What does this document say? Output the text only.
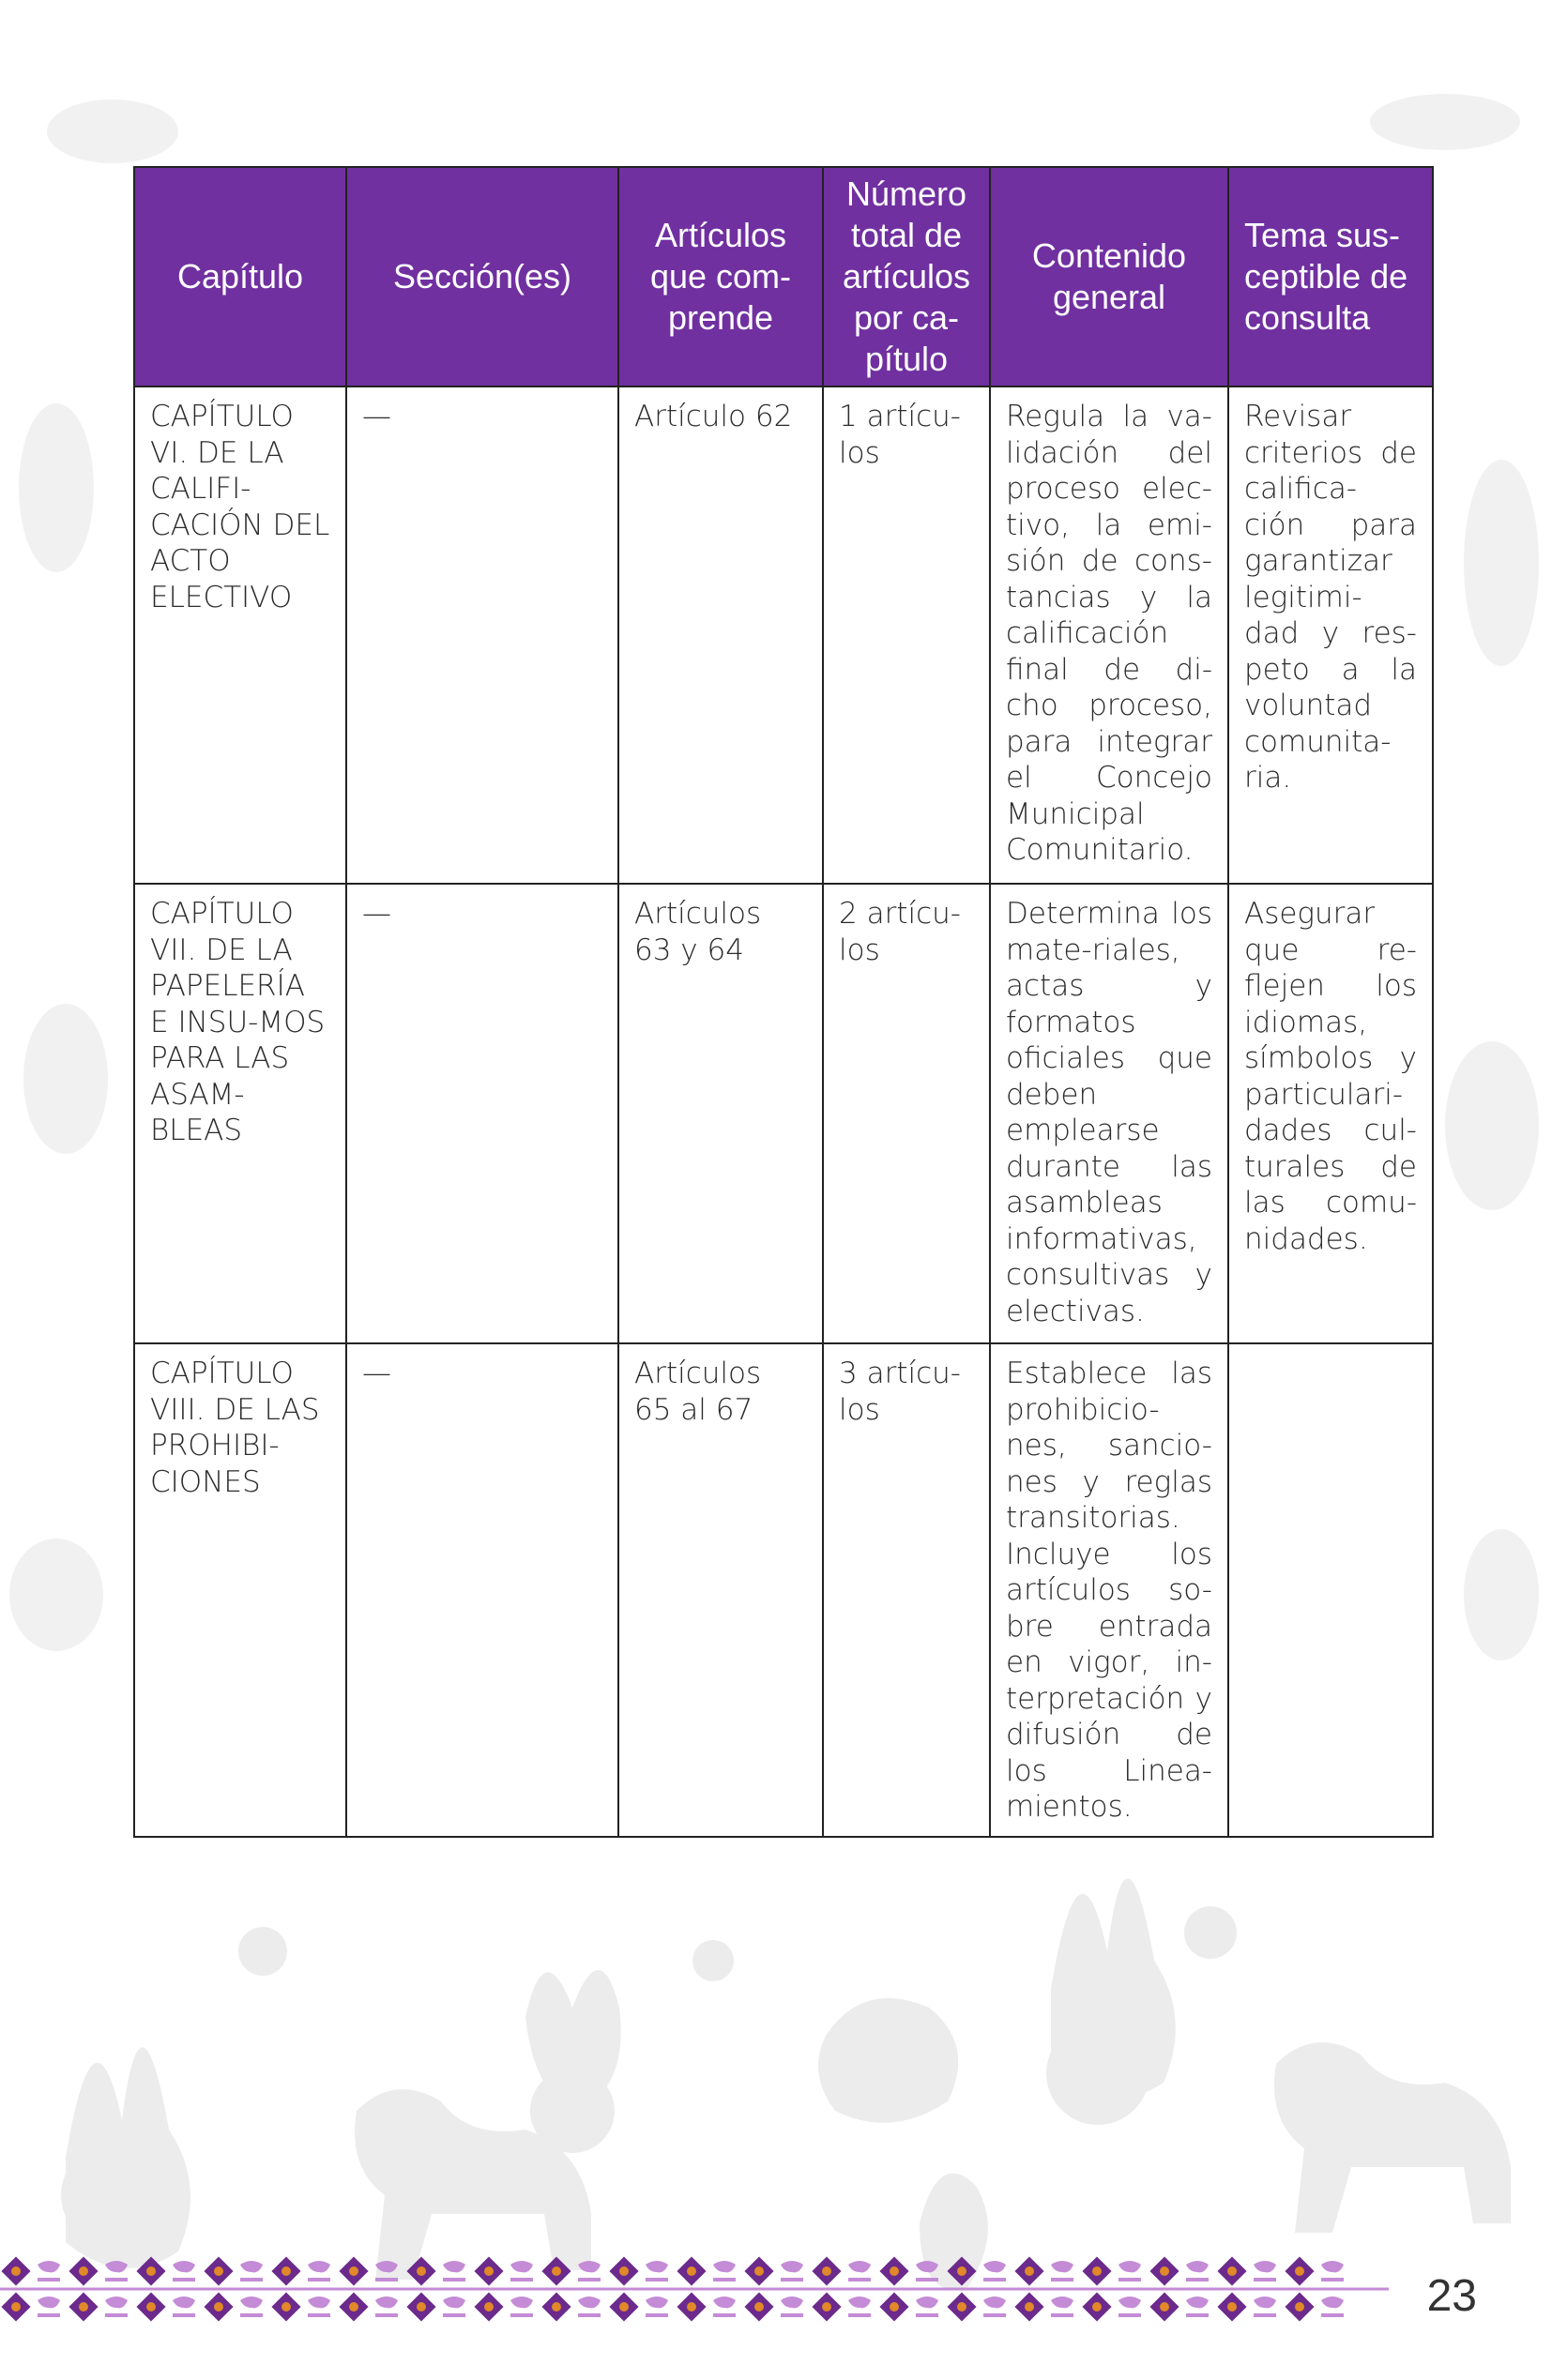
Capítulo	Sección(es)	Artículos que com-prende	Número total de artículos por ca-pítulo	Contenido general	Tema sus-ceptible de consulta
CAPÍTULO VI. DE LA CALIFI-CACIÓN DEL ACTO ELECTIVO	—	Artículo 62	1 artícu-los	Regula la va-lidación del proceso elec-tivo, la emi-sión de cons-tancias y la calificación final de di-cho proceso, para integrar el Concejo Municipal Comunitario.	Revisar criterios de califica-ción para garantizar legitimi-dad y res-peto a la voluntad comunita-ria.
CAPÍTULO VII. DE LA PAPELERÍA E INSU-MOS PARA LAS ASAM-BLEAS	—	Artículos 63 y 64	2 artícu-los	Determina los mate-riales, actas y formatos oficiales que deben emplearse durante las asambleas informativas, consultivas y electivas.	Asegurar que re-flejen los idiomas, símbolos y particulari-dades cul-turales de las comu-nidades.
CAPÍTULO VIII. DE LAS PROHIBI-CIONES	—	Artículos 65 al 67	3 artícu-los	Establece las prohibicio-nes, sancio-nes y reglas transitorias. Incluye los artículos so-bre entrada en vigor, in-terpretación y difusión de los Linea-mientos.	
23
